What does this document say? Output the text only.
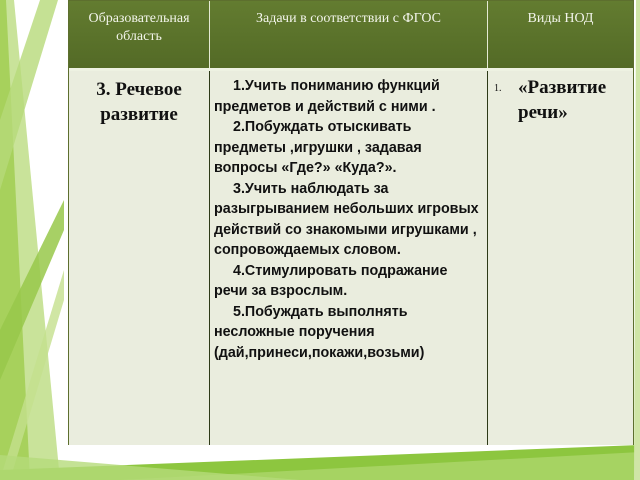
Образовательная область
Задачи в соответствии с ФГОС	Виды НОД
3. Речевое развитие

1.Учить пониманию функций предметов и действий с ними .

2.Побуждать отыскивать предметы ,игрушки , задавая вопросы «Где?» «Куда?».

3.Учить наблюдать за разыгрыванием небольших игровых действий со знакомыми игрушками , сопровождаемых словом.

4.Стимулировать подражание речи за взрослым.

5.Побуждать выполнять несложные поручения (дай,принеси,покажи,возьми)

1. «Развитие речи»
